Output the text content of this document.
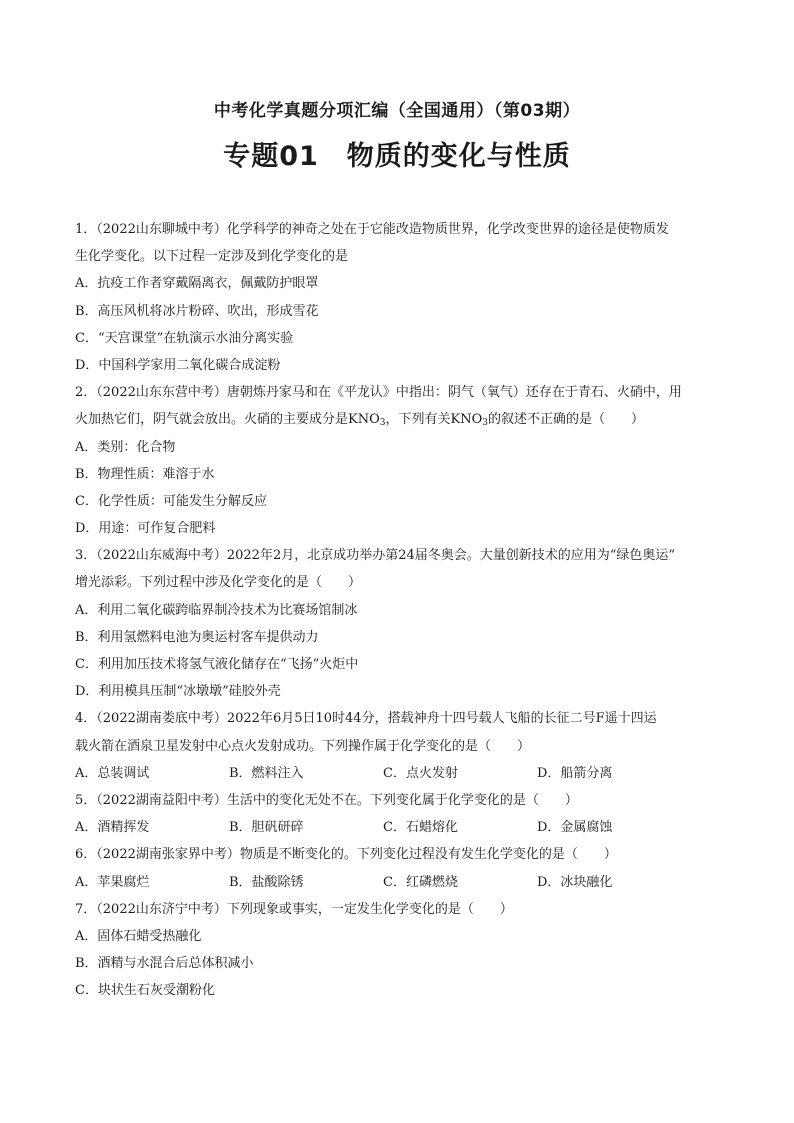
中考化学真题分项汇编（全国通用）（第03期）
专题01　物质的变化与性质
1．（2022山东聊城中考）化学科学的神奇之处在于它能改造物质世界，化学改变世界的途径是使物质发
生化学变化。以下过程一定涉及到化学变化的是
A．抗疫工作者穿戴隔离衣，佩戴防护眼罩
B．高压风机将冰片粉碎、吹出，形成雪花
C．“天宫课堂”在轨演示水油分离实验
D．中国科学家用二氧化碳合成淀粉
2．（2022山东东营中考）唐朝炼丹家马和在《平龙认》中指出：阴气（氧气）还存在于青石、火硝中，用
火加热它们，阴气就会放出。火硝的主要成分是$KNO_3$，下列有关$KNO_3$的叙述不正确的是（　　）
A．类别：化合物
B．物理性质：难溶于水
C．化学性质：可能发生分解反应
D．用途：可作复合肥料
3．（2022山东威海中考）2022年2月，北京成功举办第24届冬奥会。大量创新技术的应用为“绿色奥运”
增光添彩。下列过程中涉及化学变化的是（　　）
A．利用二氧化碳跨临界制冷技术为比赛场馆制冰
B．利用氢燃料电池为奥运村客车提供动力
C．利用加压技术将氢气液化储存在“飞扬”火炬中
D．利用模具压制“冰墩墩”硅胶外壳
4．（2022湖南娄底中考）2022年6月5日10时44分，搭载神舟十四号载人飞船的长征二号F遥十四运
载火箭在酒泉卫星发射中心点火发射成功。下列操作属于化学变化的是（　　）
A．总装调试	B．燃料注入	C．点火发射	D．船箭分离
5．（2022湖南益阳中考）生活中的变化无处不在。下列变化属于化学变化的是（　　）
A．酒精挥发	B．胆矾研碎	C．石蜡熔化	D．金属腐蚀
6．（2022湖南张家界中考）物质是不断变化的。下列变化过程没有发生化学变化的是（　　）
A．苹果腐烂	B．盐酸除锈	C．红磷燃烧	D．冰块融化
7．（2022山东济宁中考）下列现象或事实，一定发生化学变化的是（　　）
A．固体石蜡受热融化
B．酒精与水混合后总体积减小
C．块状生石灰受潮粉化
